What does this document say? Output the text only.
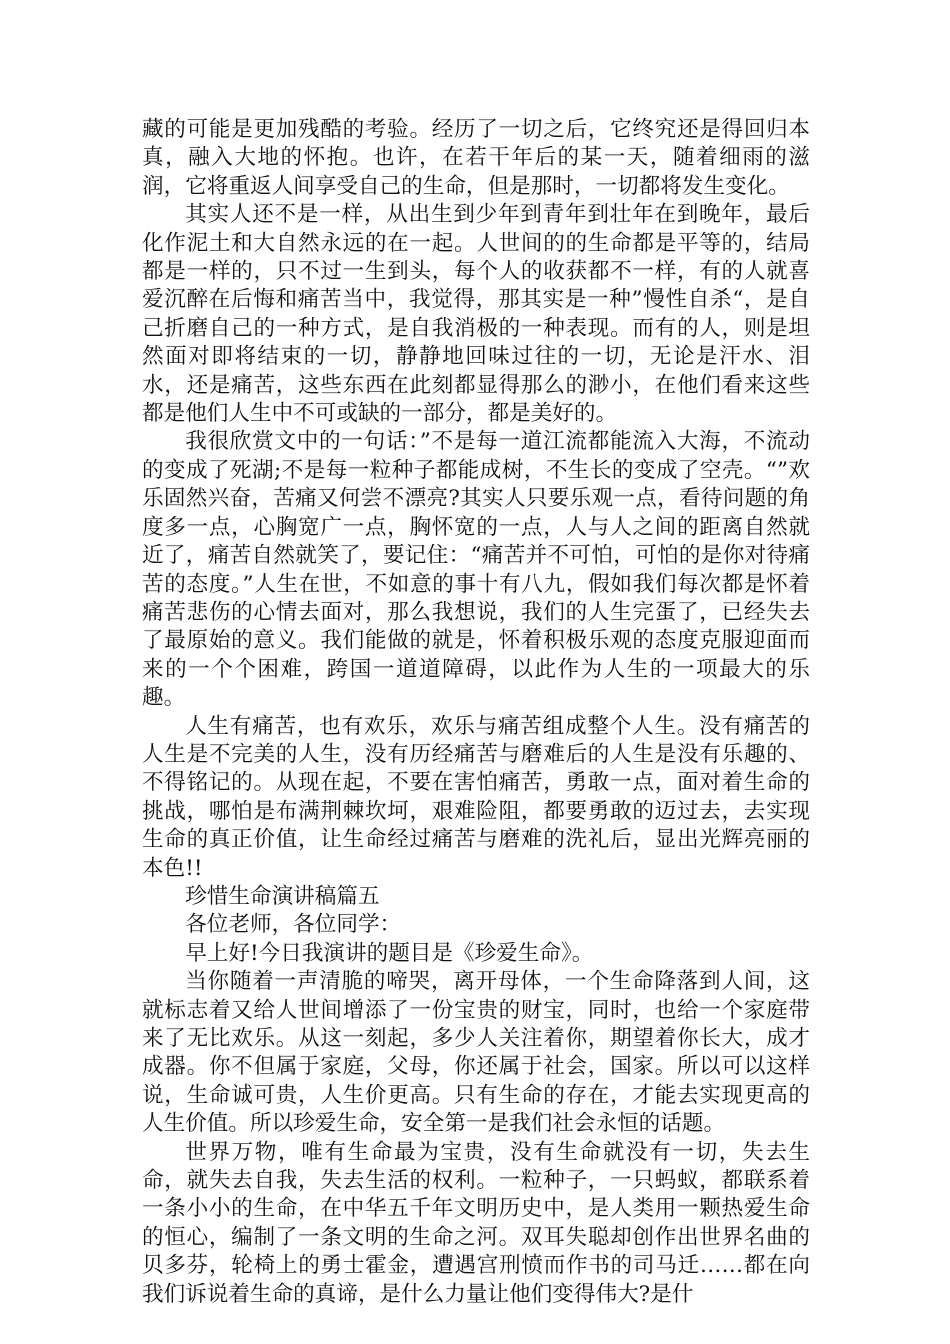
藏的可能是更加残酷的考验。经历了一切之后，它终究还是得回归本真，融入大地的怀抱。也许，在若干年后的某一天，随着细雨的滋润，它将重返人间享受自己的生命，但是那时，一切都将发生变化。

其实人还不是一样，从出生到少年到青年到壮年在到晚年，最后化作泥土和大自然永远的在一起。人世间的的生命都是平等的，结局都是一样的，只不过一生到头，每个人的收获都不一样，有的人就喜爱沉醉在后悔和痛苦当中，我觉得，那其实是一种”慢性自杀“，是自己折磨自己的一种方式，是自我消极的一种表现。而有的人，则是坦然面对即将结束的一切，静静地回味过往的一切，无论是汗水、泪水，还是痛苦，这些东西在此刻都显得那么的渺小，在他们看来这些都是他们人生中不可或缺的一部分，都是美好的。

我很欣赏文中的一句话：”不是每一道江流都能流入大海，不流动的变成了死湖;不是每一粒种子都能成树，不生长的变成了空壳。“”欢乐固然兴奋，苦痛又何尝不漂亮?其实人只要乐观一点，看待问题的角度多一点，心胸宽广一点，胸怀宽的一点，人与人之间的距离自然就近了，痛苦自然就笑了，要记住：“痛苦并不可怕，可怕的是你对待痛苦的态度。”人生在世，不如意的事十有八九，假如我们每次都是怀着痛苦悲伤的心情去面对，那么我想说，我们的人生完蛋了，已经失去了最原始的意义。我们能做的就是，怀着积极乐观的态度克服迎面而来的一个个困难，跨国一道道障碍，以此作为人生的一项最大的乐趣。

人生有痛苦，也有欢乐，欢乐与痛苦组成整个人生。没有痛苦的人生是不完美的人生，没有历经痛苦与磨难后的人生是没有乐趣的、不得铭记的。从现在起，不要在害怕痛苦，勇敢一点，面对着生命的挑战，哪怕是布满荆棘坎坷，艰难险阻，都要勇敢的迈过去，去实现生命的真正价值，让生命经过痛苦与磨难的洗礼后，显出光辉亮丽的本色!!

珍惜生命演讲稿篇五

各位老师，各位同学：

早上好!今日我演讲的题目是《珍爱生命》。

当你随着一声清脆的啼哭，离开母体，一个生命降落到人间，这就标志着又给人世间增添了一份宝贵的财宝，同时，也给一个家庭带来了无比欢乐。从这一刻起，多少人关注着你，期望着你长大，成才成器。你不但属于家庭，父母，你还属于社会，国家。所以可以这样说，生命诚可贵，人生价更高。只有生命的存在，才能去实现更高的人生价值。所以珍爱生命，安全第一是我们社会永恒的话题。

世界万物，唯有生命最为宝贵，没有生命就没有一切，失去生命，就失去自我，失去生活的权利。一粒种子，一只蚂蚁，都联系着一条小小的生命，在中华五千年文明历史中，是人类用一颗热爱生命的恒心，编制了一条文明的生命之河。双耳失聪却创作出世界名曲的贝多芬，轮椅上的勇士霍金，遭遇宫刑愤而作书的司马迁……都在向我们诉说着生命的真谛，是什么力量让他们变得伟大?是什
